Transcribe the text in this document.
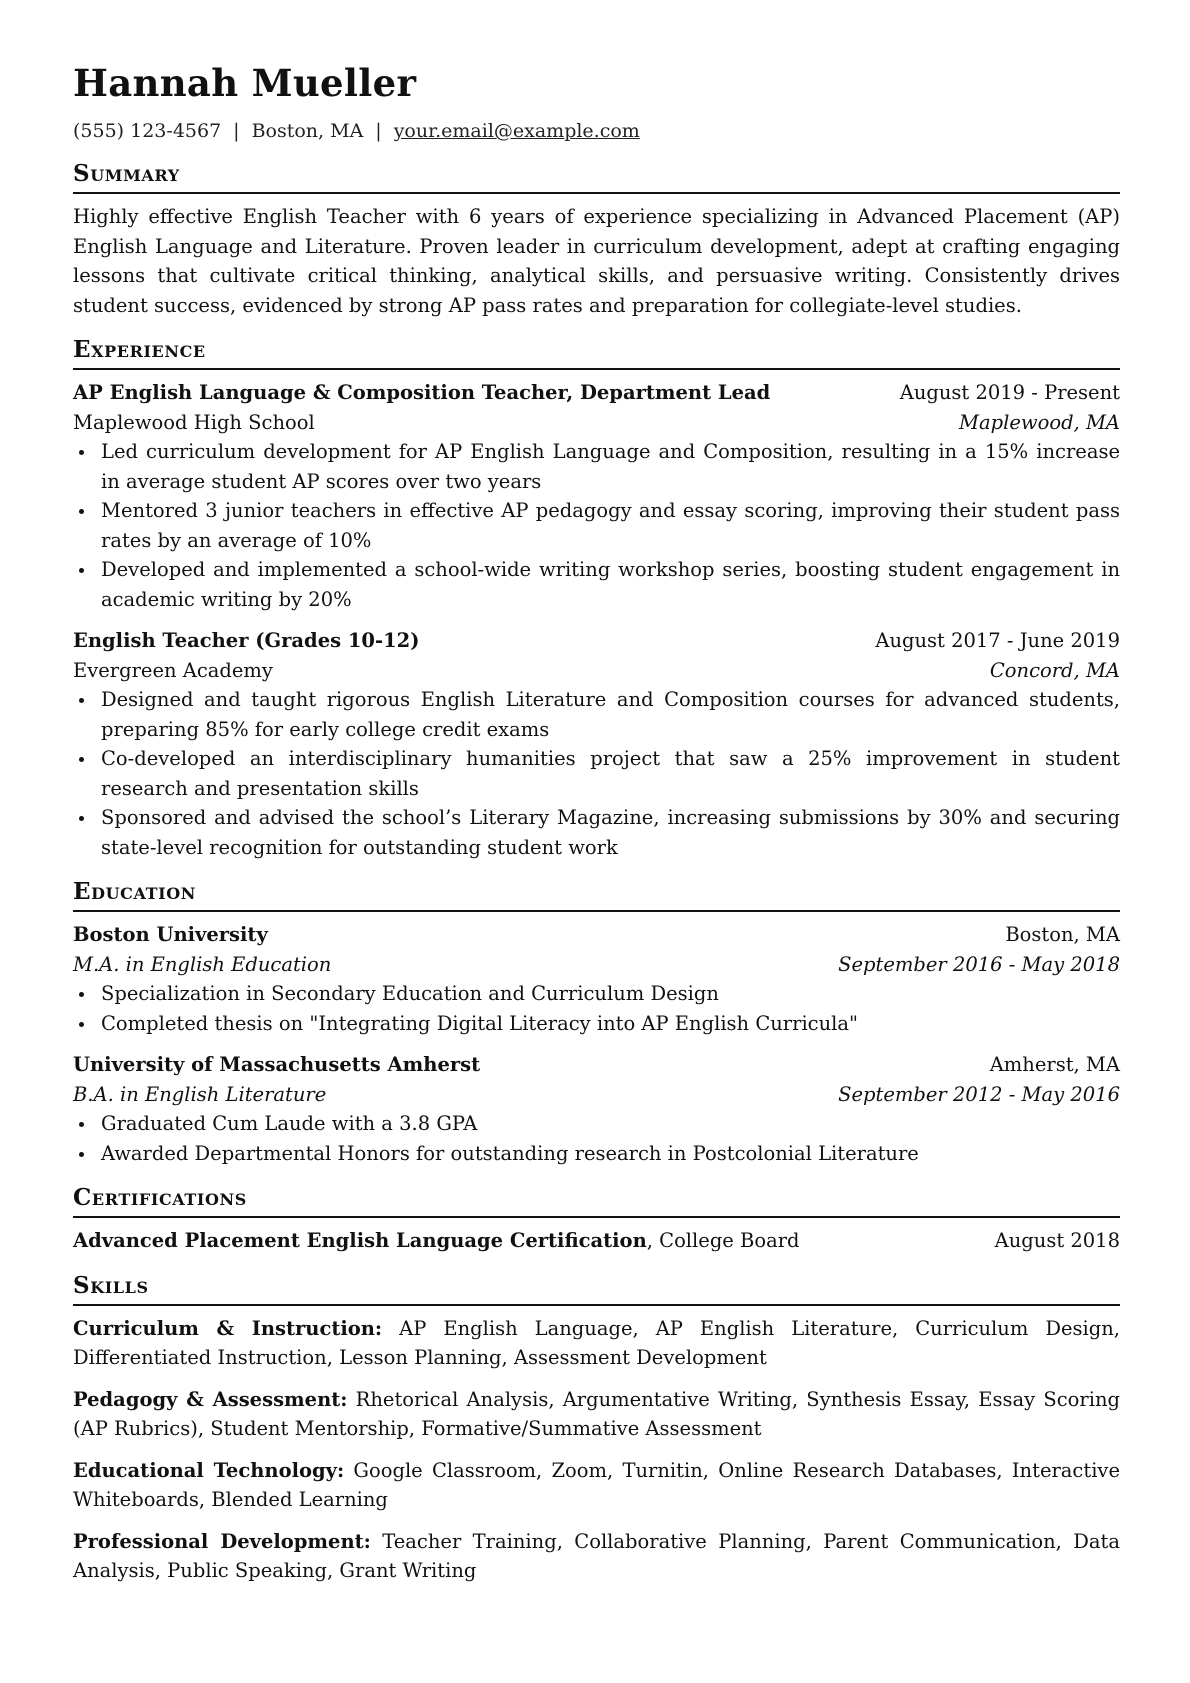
Hannah Mueller
(555) 123-4567 | Boston, MA | your.email@example.com
Summary

Highly effective English Teacher with 6 years of experience specializing in Advanced Placement (AP) English Language and Literature. Proven leader in curriculum development, adept at crafting engaging lessons that cultivate critical thinking, analytical skills, and persuasive writing. Consistently drives student success, evidenced by strong AP pass rates and preparation for collegiate-level studies.

Experience
AP English Language & Composition Teacher, Department Lead	August 2019 - Present
Maplewood High School	Maplewood, MA
Led curriculum development for AP English Language and Composition, resulting in a 15% increase in average student AP scores over two years
Mentored 3 junior teachers in effective AP pedagogy and essay scoring, improving their student pass rates by an average of 10%
Developed and implemented a school-wide writing workshop series, boosting student engagement in academic writing by 20%
English Teacher (Grades 10-12)	August 2017 - June 2019
Evergreen Academy	Concord, MA
Designed and taught rigorous English Literature and Composition courses for advanced students, preparing 85% for early college credit exams
Co-developed an interdisciplinary humanities project that saw a 25% improvement in student research and presentation skills
Sponsored and advised the school’s Literary Magazine, increasing submissions by 30% and securing state-level recognition for outstanding student work
Education
Boston University	Boston, MA
M.A. in English Education	September 2016 - May 2018
Specialization in Secondary Education and Curriculum Design
Completed thesis on "Integrating Digital Literacy into AP English Curricula"
University of Massachusetts Amherst	Amherst, MA
B.A. in English Literature	September 2012 - May 2016
Graduated Cum Laude with a 3.8 GPA
Awarded Departmental Honors for outstanding research in Postcolonial Literature
Certifications
Advanced Placement English Language Certification, College Board	August 2018
Skills

Curriculum & Instruction: AP English Language, AP English Literature, Curriculum Design, Differentiated Instruction, Lesson Planning, Assessment Development

Pedagogy & Assessment: Rhetorical Analysis, Argumentative Writing, Synthesis Essay, Essay Scoring (AP Rubrics), Student Mentorship, Formative/Summative Assessment

Educational Technology: Google Classroom, Zoom, Turnitin, Online Research Databases, Interactive Whiteboards, Blended Learning

Professional Development: Teacher Training, Collaborative Planning, Parent Communication, Data Analysis, Public Speaking, Grant Writing
